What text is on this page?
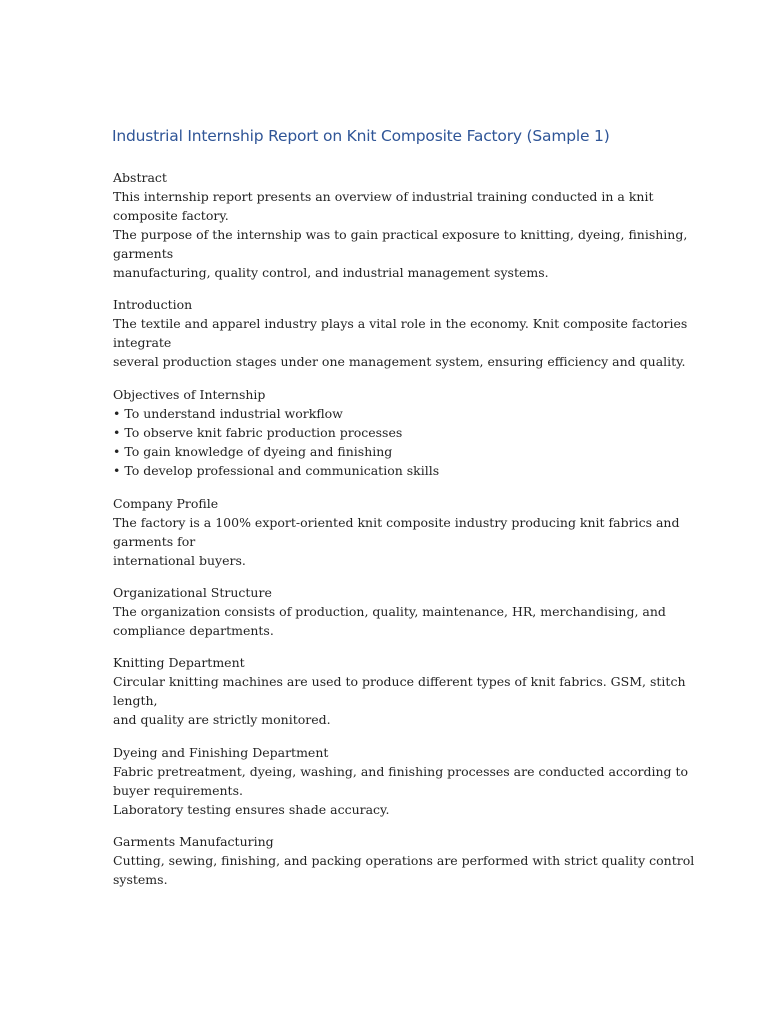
Industrial Internship Report on Knit Composite Factory (Sample 1)
Abstract
This internship report presents an overview of industrial training conducted in a knit
composite factory.
The purpose of the internship was to gain practical exposure to knitting, dyeing, finishing,
garments
manufacturing, quality control, and industrial management systems.
Introduction
The textile and apparel industry plays a vital role in the economy. Knit composite factories
integrate
several production stages under one management system, ensuring efficiency and quality.
Objectives of Internship
• To understand industrial workflow
• To observe knit fabric production processes
• To gain knowledge of dyeing and finishing
• To develop professional and communication skills
Company Profile
The factory is a 100% export-oriented knit composite industry producing knit fabrics and
garments for
international buyers.
Organizational Structure
The organization consists of production, quality, maintenance, HR, merchandising, and
compliance departments.
Knitting Department
Circular knitting machines are used to produce different types of knit fabrics. GSM, stitch
length,
and quality are strictly monitored.
Dyeing and Finishing Department
Fabric pretreatment, dyeing, washing, and finishing processes are conducted according to
buyer requirements.
Laboratory testing ensures shade accuracy.
Garments Manufacturing
Cutting, sewing, finishing, and packing operations are performed with strict quality control
systems.
